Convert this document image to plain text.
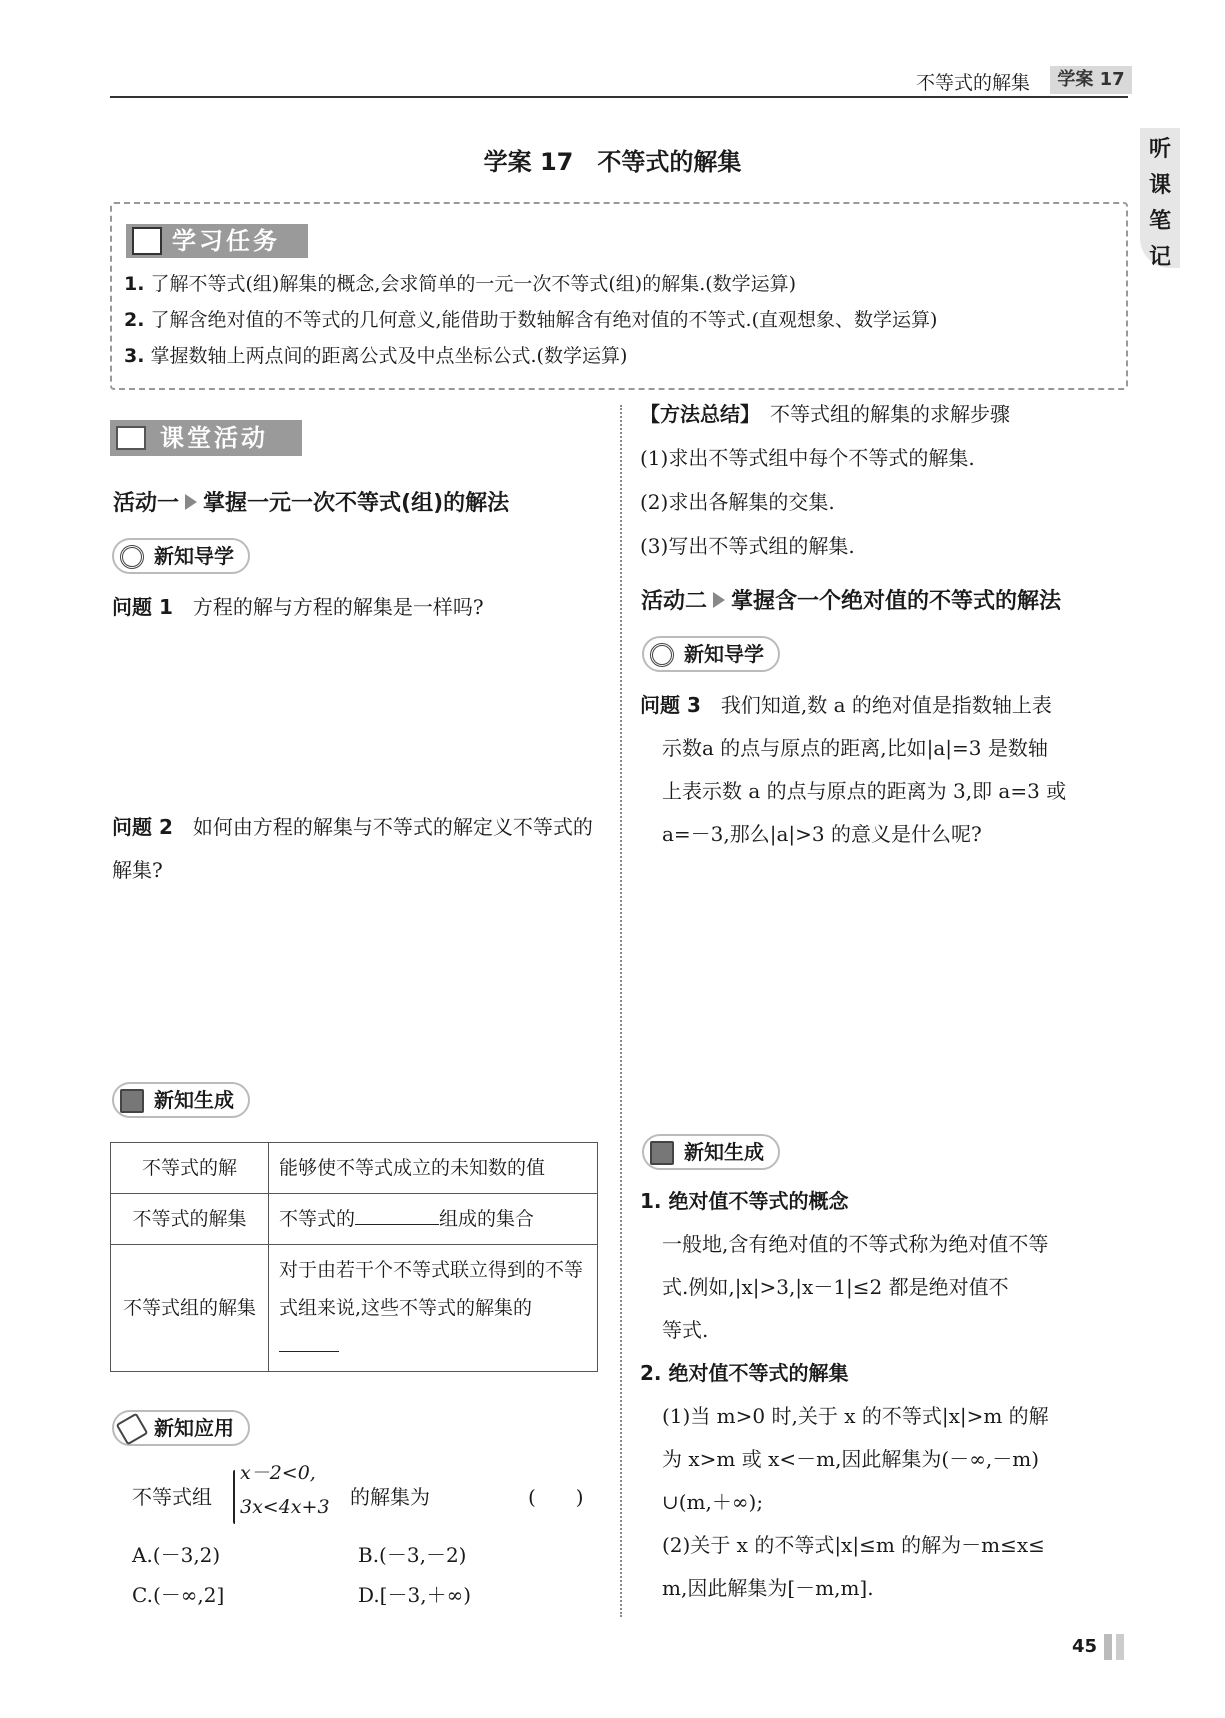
不等式的解集	学案 17
听
课
笔
记
学案 17　不等式的解集
学习任务
1. 了解不等式(组)解集的概念,会求简单的一元一次不等式(组)的解集.(数学运算)
2. 了解含绝对值的不等式的几何意义,能借助于数轴解含有绝对值的不等式.(直观想象、数学运算)
3. 掌握数轴上两点间的距离公式及中点坐标公式.(数学运算)
课堂活动
活动一 掌握一元一次不等式(组)的解法
新知导学
问题 1　 方程的解与方程的解集是一样吗?
问题 2　 如何由方程的解集与不等式的解定义不等式的解集?
新知生成
不等式的解	能够使不等式成立的未知数的值
不等式的解集	不等式的 组成的集合
不等式组的解集	对于由若干个不等式联立得到的不等式组来说,这些不等式的解集的
新知应用
不等式组
x－2<0,
3x<4x+3 的解集为	(　　)
A.(－3,2)	B.(－3,－2)
C.(－∞,2]	D.[－3,＋∞)
【方法总结】　 不等式组的解集的求解步骤
(1)求出不等式组中每个不等式的解集.
(2)求出各解集的交集.
(3)写出不等式组的解集.
活动二 掌握含一个绝对值的不等式的解法
新知导学
问题 3　 我们知道,数 a 的绝对值是指数轴上表
示数a 的点与原点的距离,比如|a|=3 是数轴
上表示数 a 的点与原点的距离为 3,即 a=3 或
a=－3,那么|a|>3 的意义是什么呢?
新知生成
1. 绝对值不等式的概念
一般地,含有绝对值的不等式称为绝对值不等
式.例如,|x|>3,|x－1|≤2 都是绝对值不
等式.
2. 绝对值不等式的解集
(1)当 m>0 时,关于 x 的不等式|x|>m 的解
为 x>m 或 x<－m,因此解集为(－∞,－m)
∪(m,＋∞);
(2)关于 x 的不等式|x|≤m 的解为－m≤x≤
m,因此解集为[－m,m].
45
